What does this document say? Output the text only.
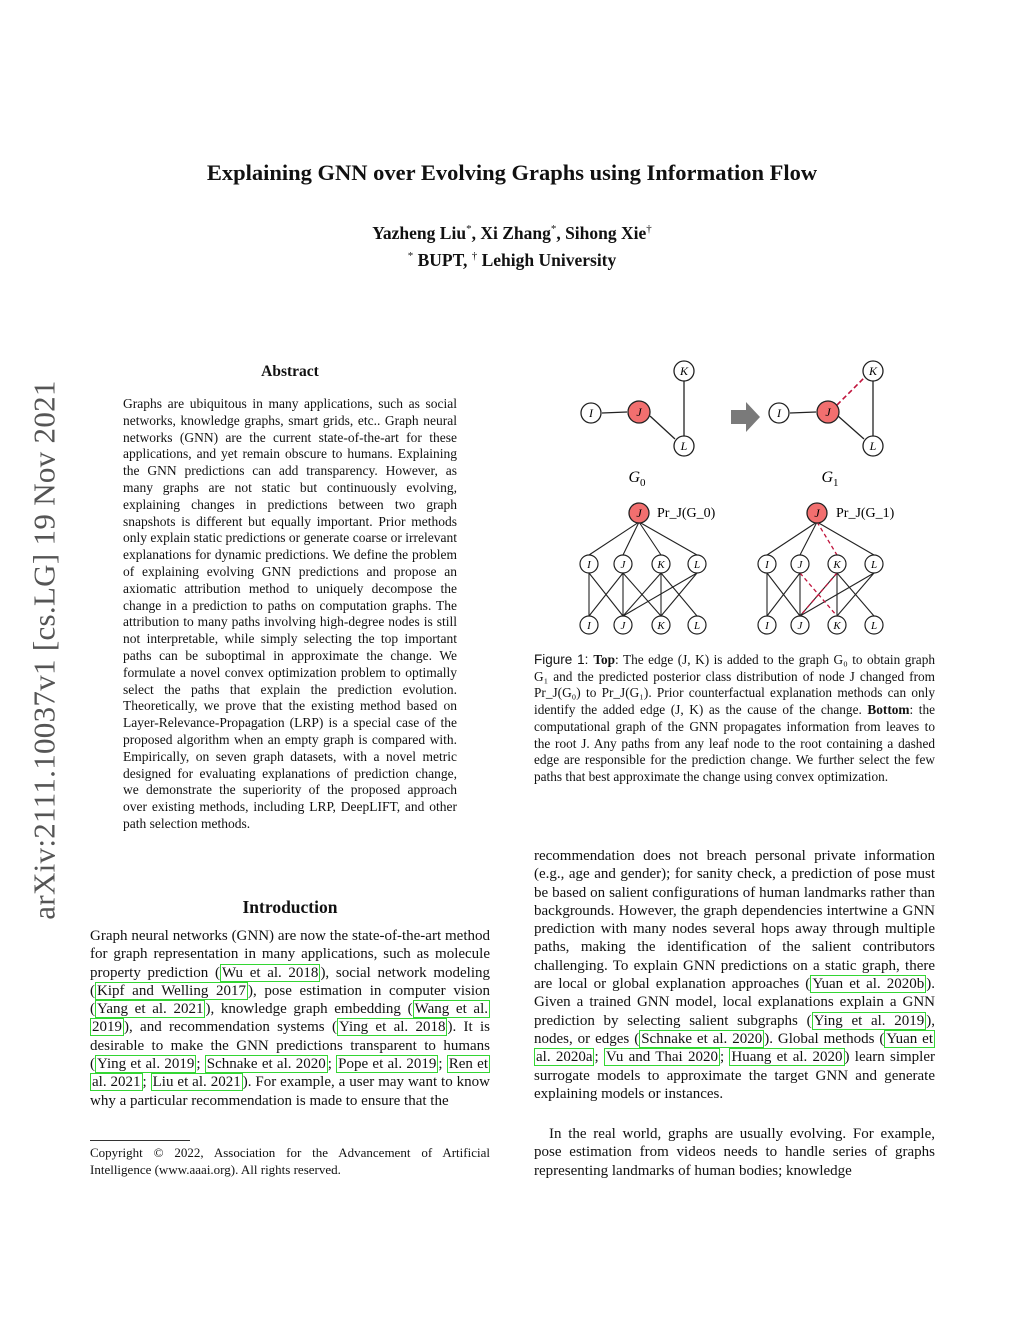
arXiv:2111.10037v1 [cs.LG] 19 Nov 2021
Explaining GNN over Evolving Graphs using Information Flow
Yazheng Liu*, Xi Zhang*, Sihong Xie†
* BUPT, † Lehigh University
Abstract
Graphs are ubiquitous in many applications, such as social networks, knowledge graphs, smart grids, etc.. Graph neural networks (GNN) are the current state-of-the-art for these applications, and yet remain obscure to humans. Explaining the GNN predictions can add transparency. However, as many graphs are not static but continuously evolving, explaining changes in predictions between two graph snapshots is different but equally important. Prior methods only explain static predictions or generate coarse or irrelevant explanations for dynamic predictions. We define the problem of explaining evolving GNN predictions and propose an axiomatic attribution method to uniquely decompose the change in a prediction to paths on computation graphs. The attribution to many paths involving high-degree nodes is still not interpretable, while simply selecting the top important paths can be suboptimal in approximate the change. We formulate a novel convex optimization problem to optimally select the paths that explain the prediction evolution. Theoretically, we prove that the existing method based on Layer-Relevance-Propagation (LRP) is a special case of the proposed algorithm when an empty graph is compared with. Empirically, on seven graph datasets, with a novel metric designed for evaluating explanations of prediction change, we demonstrate the superiority of the proposed approach over existing methods, including LRP, DeepLIFT, and other path selection methods.
Introduction
Graph neural networks (GNN) are now the state-of-the-art method for graph representation in many applications, such as molecule property prediction ( Wu et al. 2018 ), social network modeling ( Kipf and Welling 2017 ), pose estimation in computer vision ( Yang et al. 2021 ), knowledge graph embedding ( Wang et al. 2019 ), and recommendation systems ( Ying et al. 2018 ). It is desirable to make the GNN predictions transparent to humans ( Ying et al. 2019 ; Schnake et al. 2020 ; Pope et al. 2019 ; Ren et al. 2021 ; Liu et al. 2021 ). For example, a user may want to know why a particular recommendation is made to ensure that the
Copyright © 2022, Association for the Advancement of Artificial Intelligence (www.aaai.org). All rights reserved.
I	J
K
L
$G_0$
I	J
K
L
$G_1$
J Pr_J(G_0)
I	J	K	L
I	J	K	L
J Pr_J(G_1)
I	J	K	L
I	J	K	L
Figure 1: Top: The edge (J, K) is added to the graph G₀ to obtain graph G₁ and the predicted posterior class distribution of node J changed from Pr_J(G₀) to Pr_J(G₁). Prior counterfactual explanation methods can only identify the added edge (J, K) as the cause of the change. Bottom: the computational graph of the GNN propagates information from leaves to the root J. Any paths from any leaf node to the root containing a dashed edge are responsible for the prediction change. We further select the few paths that best approximate the change using convex optimization.
recommendation does not breach personal private information (e.g., age and gender); for sanity check, a prediction of pose must be based on salient configurations of human landmarks rather than backgrounds. However, the graph dependencies intertwine a GNN prediction with many nodes several hops away through multiple paths, making the identification of the salient contributors challenging. To explain GNN predictions on a static graph, there are local or global explanation approaches ( Yuan et al. 2020b ). Given a trained GNN model, local explanations explain a GNN prediction by selecting salient subgraphs ( Ying et al. 2019 ), nodes, or edges ( Schnake et al. 2020 ). Global methods ( Yuan et al. 2020a ; Vu and Thai 2020 ; Huang et al. 2020 ) learn simpler surrogate models to approximate the target GNN and generate explaining models or instances.
In the real world, graphs are usually evolving. For example, pose estimation from videos needs to handle series of graphs representing landmarks of human bodies; knowledge
